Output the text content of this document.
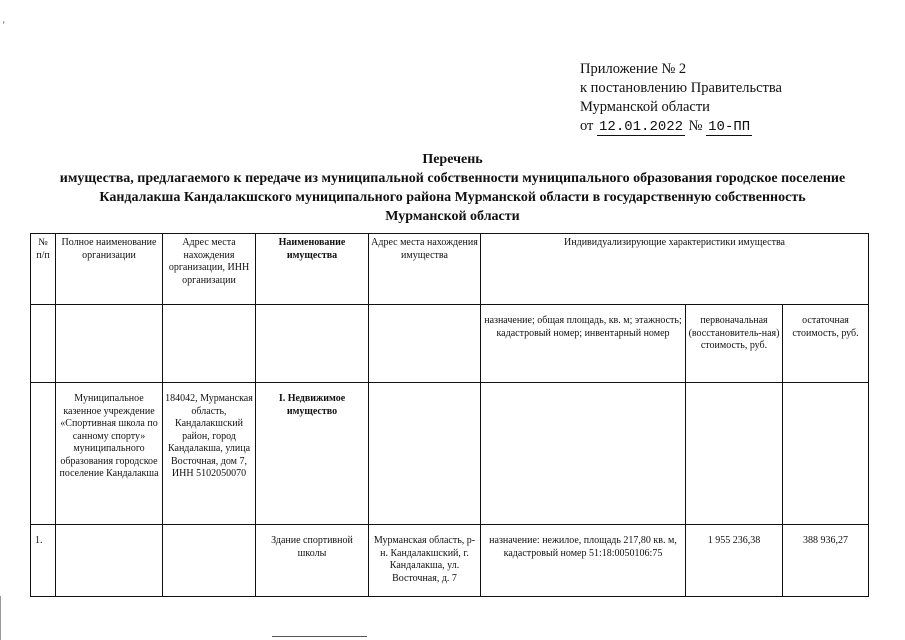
'
Приложение № 2
к постановлению Правительства
Мурманской области
от 12.01.2022 № 10-ПП
Перечень
имущества, предлагаемого к передаче из муниципальной собственности муниципального образования городское поселение
Кандалакша Кандалакшского муниципального района Мурманской области в государственную собственность
Мурманской области
№ п/п	Полное наименование организации	Адрес места нахождения организации, ИНН организации	Наименование имущества	Адрес места нахождения имущества	Индивидуализирующие характеристики имущества		
					назначение; общая площадь, кв. м; этажность; кадастровый номер; инвентарный номер	первоначальная (восстановитель-ная) стоимость, руб.	остаточная стоимость, руб.
	Муниципальное казенное учреждение «Спортивная школа по санному спорту» муниципального образования городское поселение Кандалакша	184042, Мурманская область, Кандалакшский район, город Кандалакша, улица Восточная, дом 7, ИНН 5102050070	I. Недвижимое имущество				
1.			Здание спортивной школы	Мурманская область, р-н. Кандалакшский, г. Кандалакша, ул. Восточная, д. 7	назначение: нежилое, площадь 217,80 кв. м, кадастровый номер 51:18:0050106:75	1 955 236,38	388 936,27
